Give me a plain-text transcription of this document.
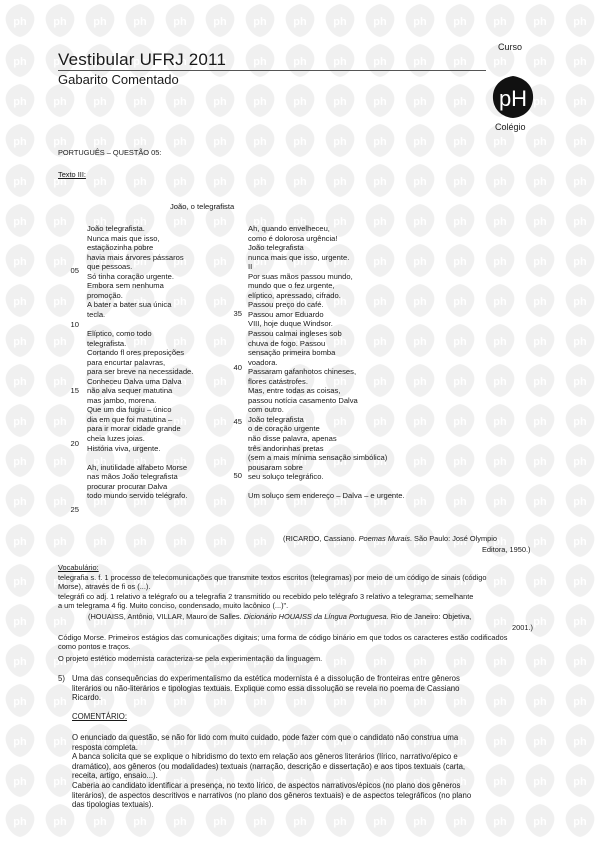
Vestibular UFRJ 2011
Gabarito Comentado
Curso
pH
Colégio
PORTUGUÊS – QUESTÃO 05:
Texto III:
João, o telegrafista
João telegrafista.
Nunca mais que isso,
estaçãozinha pobre
havia mais árvores pássaros
que pessoas.
Só tinha coração urgente.
Embora sem nenhuma
promoção.
A bater a bater sua única
tecla.

Elíptico, como todo
telegrafista.
Cortando fl ores preposições
para encurtar palavras,
para ser breve na necessidade.
Conheceu Dalva uma Dalva
não alva sequer matutina
mas jambo, morena.
Que um dia fugiu – único
dia em que foi matutina –
para ir morar cidade grande
cheia luzes joias.
História viva, urgente.

Ah, inutilidade alfabeto Morse
nas mãos João telegrafista
procurar procurar Dalva
todo mundo servido telégrafo.
Ah, quando envelheceu,
como é dolorosa urgência!
João telegrafista
nunca mais que isso, urgente.
II
Por suas mãos passou mundo,
mundo que o fez urgente,
elíptico, apressado, cifrado.
Passou preço do café.
Passou amor Eduardo
VIII, hoje duque Windsor.
Passou calmai ingleses sob
chuva de fogo. Passou
sensação primeira bomba
voadora.
Passaram gafanhotos chineses,
flores catástrofes.
Mas, entre todas as coisas,
passou notícia casamento Dalva
com outro.
João telegrafista
o de coração urgente
não disse palavra, apenas
três andorinhas pretas
(sem a mais mínima sensação simbólica)
pousaram sobre
seu soluço telegráfico.

Um soluço sem endereço – Dalva – e urgente.
05
10
15
20
25
35
40
45
50
(RICARDO, Cassiano. Poemas Murais. São Paulo: José Olympio
Editora, 1950.)
Vocabulário:
telegrafia s. f. 1 processo de telecomunicações que transmite textos escritos (telegramas) por meio de um código de sinais (código
Morse), através de fi os (...).
telegráfi co adj. 1 relativo a telégrafo ou a telegrafia 2 transmitido ou recebido pelo telégrafo 3 relativo a telegrama; semelhante
a um telegrama 4 fig. Muito conciso, condensado, muito lacônico (...)".
(HOUAISS, Antônio, VILLAR, Mauro de Salles. Dicionário HOUAISS da Língua Portuguesa. Rio de Janeiro: Objetiva,
2001.)
Código Morse. Primeiros estágios das comunicações digitais; uma forma de código binário em que todos os caracteres estão codificados
como pontos e traços.
O projeto estético modernista caracteriza-se pela experimentação da linguagem.
5) Uma das consequências do experimentalismo da estética modernista é a dissolução de fronteiras entre gêneros
literários ou não-literários e tipologias textuais. Explique como essa dissolução se revela no poema de Cassiano
Ricardo.
COMENTÁRIO:
O enunciado da questão, se não for lido com muito cuidado, pode fazer com que o candidato não construa uma
resposta completa.
A banca solicita que se explique o hibridismo do texto em relação aos gêneros literários (lírico, narrativo/épico e
dramático), aos gêneros (ou modalidades) textuais (narração, descrição e dissertação) e aos tipos textuais (carta,
receita, artigo, ensaio...).
Caberia ao candidato identificar a presença, no texto lírico, de aspectos narrativos/épicos (no plano dos gêneros
literários), de aspectos descritivos e narrativos (no plano dos gêneros textuais) e de aspectos telegráficos (no plano
das tipologias textuais).
